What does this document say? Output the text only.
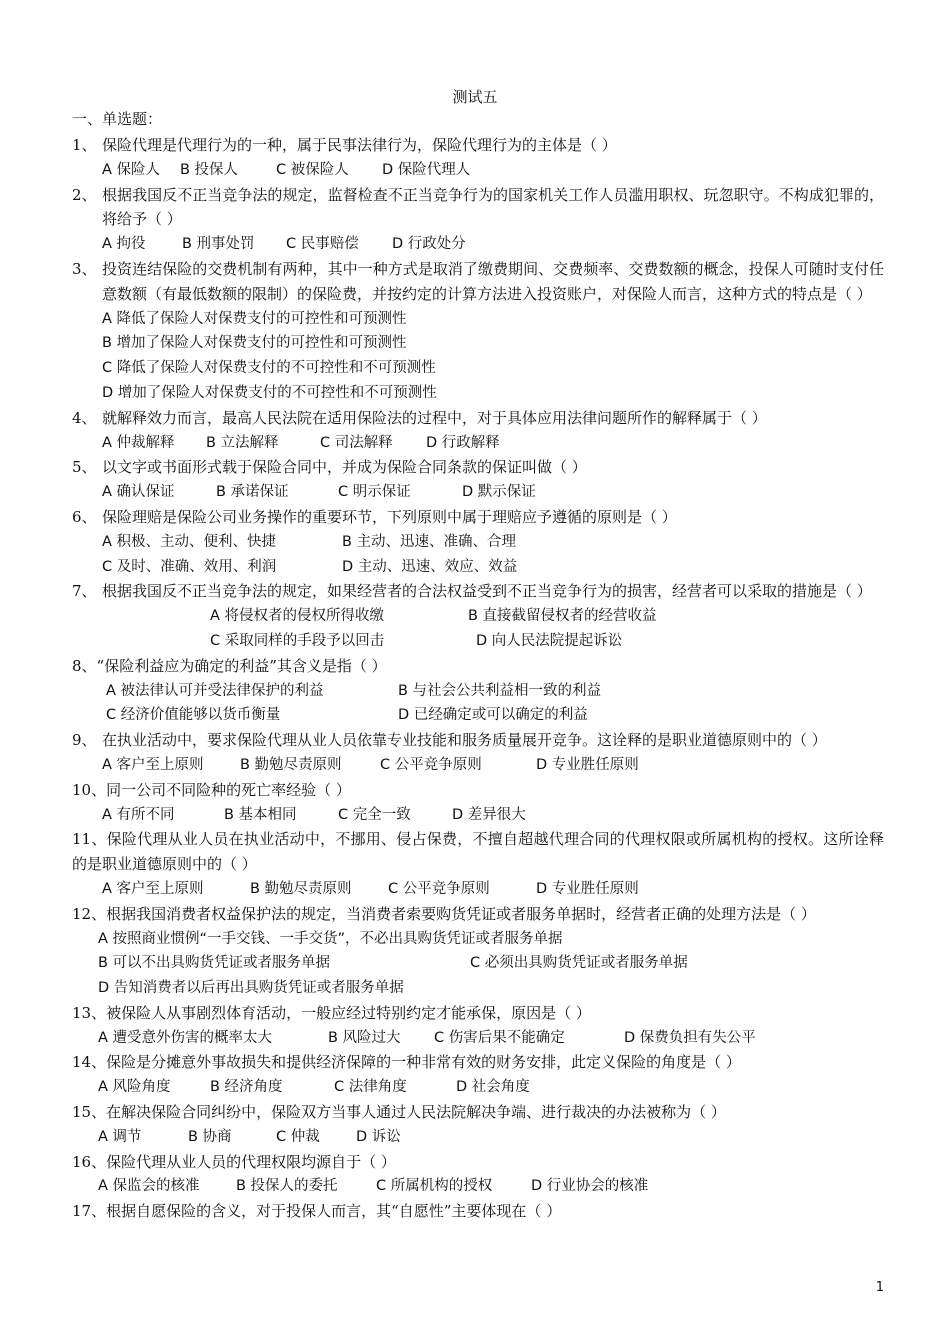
测试五
一、单选题：
1、 保险代理是代理行为的一种，属于民事法律行为，保险代理行为的主体是（ ）
A 保险人 B 投保人	C 被保险人 D 保险代理人
2、 根据我国反不正当竞争法的规定，监督检查不正当竞争行为的国家机关工作人员滥用职权、玩忽职守。不构成犯罪的，将给予（ ）
A 拘役	B 刑事处罚 C 民事赔偿 D 行政处分
3、 投资连结保险的交费机制有两种，其中一种方式是取消了缴费期间、交费频率、交费数额的概念，投保人可随时支付任意数额（有最低数额的限制）的保险费，并按约定的计算方法进入投资账户，对保险人而言，这种方式的特点是（ ）
A 降低了保险人对保费支付的可控性和可预测性
B 增加了保险人对保费支付的可控性和可预测性
C 降低了保险人对保费支付的不可控性和不可预测性
D 增加了保险人对保费支付的不可控性和不可预测性
4、 就解释效力而言，最高人民法院在适用保险法的过程中，对于具体应用法律问题所作的解释属于（ ）
A 仲裁解释 B 立法解释	C 司法解释 D 行政解释
5、 以文字或书面形式载于保险合同中，并成为保险合同条款的保证叫做（ ）
A 确认保证	B 承诺保证	C 明示保证	D 默示保证
6、 保险理赔是保险公司业务操作的重要环节，下列原则中属于理赔应予遵循的原则是（ ）
A 积极、主动、便利、快捷	B 主动、迅速、准确、合理
C 及时、准确、效用、利润	D 主动、迅速、效应、效益
7、 根据我国反不正当竞争法的规定，如果经营者的合法权益受到不正当竞争行为的损害，经营者可以采取的措施是（ ）
A 将侵权者的侵权所得收缴	B 直接截留侵权者的经营收益
C 采取同样的手段予以回击	D 向人民法院提起诉讼
8、“保险利益应为确定的利益”其含义是指（ ）
A 被法律认可并受法律保护的利益	B 与社会公共利益相一致的利益
C 经济价值能够以货币衡量	D 已经确定或可以确定的利益
9、 在执业活动中，要求保险代理从业人员依靠专业技能和服务质量展开竞争。这诠释的是职业道德原则中的（ ）
A 客户至上原则	B 勤勉尽责原则	C 公平竞争原则	D 专业胜任原则
10、同一公司不同险种的死亡率经验（ ）
A 有所不同	B 基本相同	C 完全一致	D 差异很大
11、保险代理从业人员在执业活动中，不挪用、侵占保费，不擅自超越代理合同的代理权限或所属机构的授权。这所诠释的是职业道德原则中的（ ）
A 客户至上原则	B 勤勉尽责原则	C 公平竞争原则	D 专业胜任原则
12、根据我国消费者权益保护法的规定，当消费者索要购货凭证或者服务单据时，经营者正确的处理方法是（ ）
A 按照商业惯例“一手交钱、一手交货”，不必出具购货凭证或者服务单据
B 可以不出具购货凭证或者服务单据	C 必须出具购货凭证或者服务单据
D 告知消费者以后再出具购货凭证或者服务单据
13、被保险人从事剧烈体育活动，一般应经过特别约定才能承保，原因是（ ）
A 遭受意外伤害的概率太大	B 风险过大 C 伤害后果不能确定	D 保费负担有失公平
14、保险是分摊意外事故损失和提供经济保障的一种非常有效的财务安排，此定义保险的角度是（ ）
A 风险角度	B 经济角度	C 法律角度	D 社会角度
15、在解决保险合同纠纷中，保险双方当事人通过人民法院解决争端、进行裁决的办法被称为（ ）
A 调节	B 协商	C 仲裁	D 诉讼
16、保险代理从业人员的代理权限均源自于（ ）
A 保监会的核准	B 投保人的委托	C 所属机构的授权	D 行业协会的核准
17、根据自愿保险的含义，对于投保人而言，其“自愿性”主要体现在（ ）
1
